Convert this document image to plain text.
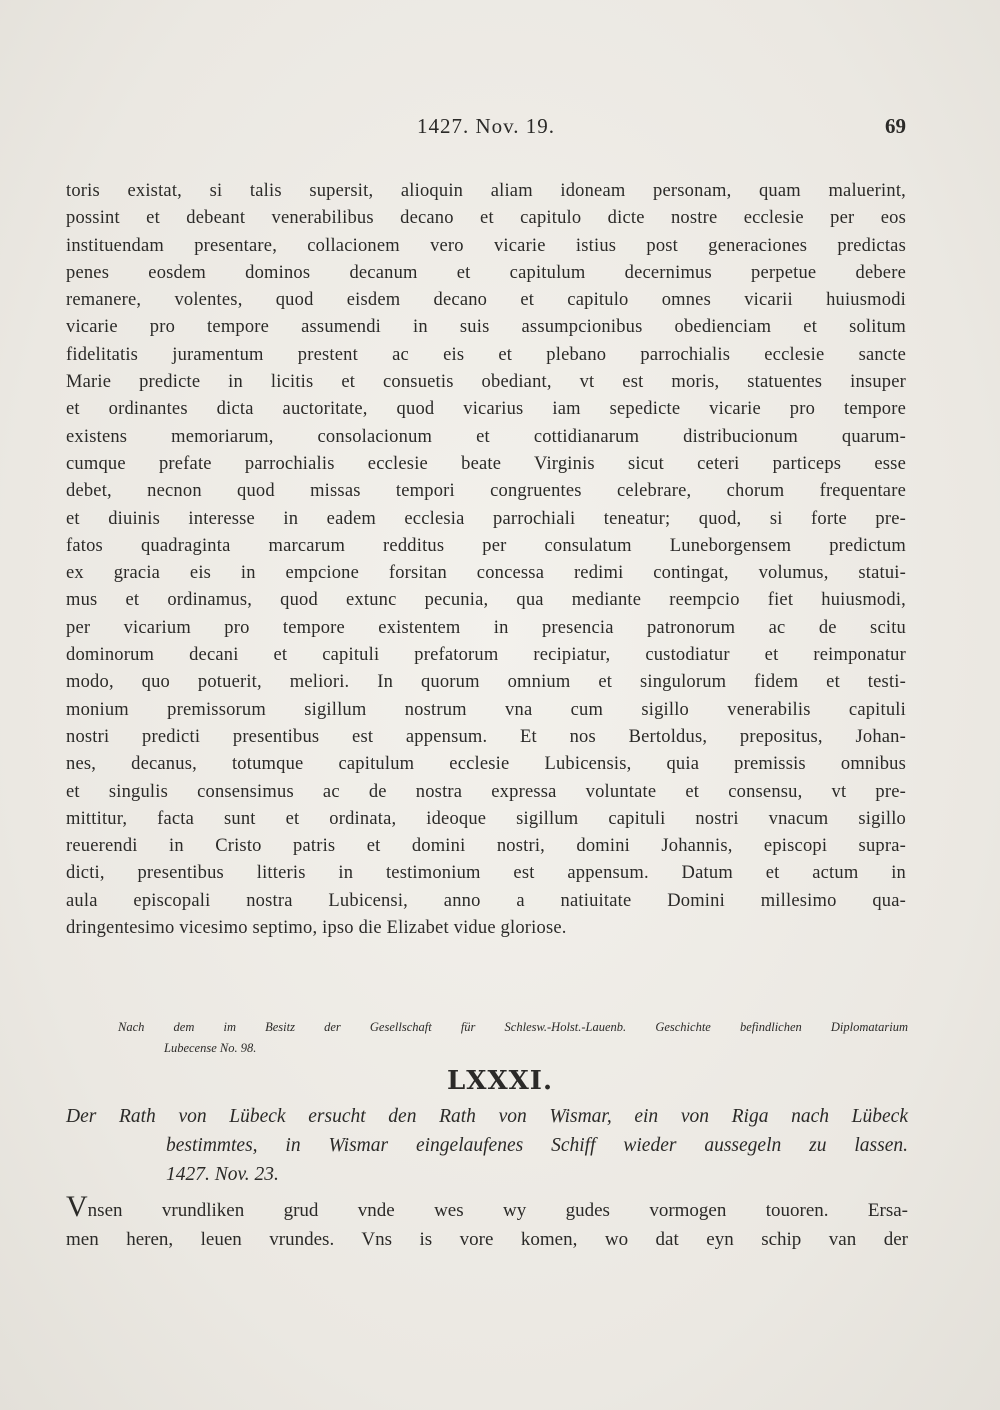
1427. Nov. 19.	69
toris existat, si talis supersit, alioquin aliam idoneam personam, quam maluerint,
possint et debeant venerabilibus decano et capitulo dicte nostre ecclesie per eos
instituendam presentare, collacionem vero vicarie istius post generaciones predictas
penes eosdem dominos decanum et capitulum decernimus perpetue debere
remanere, volentes, quod eisdem decano et capitulo omnes vicarii huiusmodi
vicarie pro tempore assumendi in suis assumpcionibus obedienciam et solitum
fidelitatis juramentum prestent ac eis et plebano parrochialis ecclesie sancte
Marie predicte in licitis et consuetis obediant, vt est moris, statuentes insuper
et ordinantes dicta auctoritate, quod vicarius iam sepedicte vicarie pro tempore
existens memoriarum, consolacionum et cottidianarum distribucionum quarum-
cumque prefate parrochialis ecclesie beate Virginis sicut ceteri particeps esse
debet, necnon quod missas tempori congruentes celebrare, chorum frequentare
et diuinis interesse in eadem ecclesia parrochiali teneatur; quod, si forte pre-
fatos quadraginta marcarum redditus per consulatum Luneborgensem predictum
ex gracia eis in empcione forsitan concessa redimi contingat, volumus, statui-
mus et ordinamus, quod extunc pecunia, qua mediante reempcio fiet huiusmodi,
per vicarium pro tempore existentem in presencia patronorum ac de scitu
dominorum decani et capituli prefatorum recipiatur, custodiatur et reimponatur
modo, quo potuerit, meliori. In quorum omnium et singulorum fidem et testi-
monium premissorum sigillum nostrum vna cum sigillo venerabilis capituli
nostri predicti presentibus est appensum. Et nos Bertoldus, prepositus, Johan-
nes, decanus, totumque capitulum ecclesie Lubicensis, quia premissis omnibus
et singulis consensimus ac de nostra expressa voluntate et consensu, vt pre-
mittitur, facta sunt et ordinata, ideoque sigillum capituli nostri vnacum sigillo
reuerendi in Cristo patris et domini nostri, domini Johannis, episcopi supra-
dicti, presentibus litteris in testimonium est appensum. Datum et actum in
aula episcopali nostra Lubicensi, anno a natiuitate Domini millesimo qua-
dringentesimo vicesimo septimo, ipso die Elizabet vidue gloriose.
Nach dem im Besitz der Gesellschaft für Schlesw.-Holst.-Lauenb. Geschichte befindlichen Diplomatarium
Lubecense No. 98.
LXXXI.
Der Rath von Lübeck ersucht den Rath von Wismar, ein von Riga nach Lübeck
bestimmtes, in Wismar eingelaufenes Schiff wieder aussegeln zu lassen.
1427. Nov. 23.
Vnsen vrundliken grud vnde wes wy gudes vormogen touoren. Ersa-
men heren, leuen vrundes. Vns is vore komen, wo dat eyn schip van der
